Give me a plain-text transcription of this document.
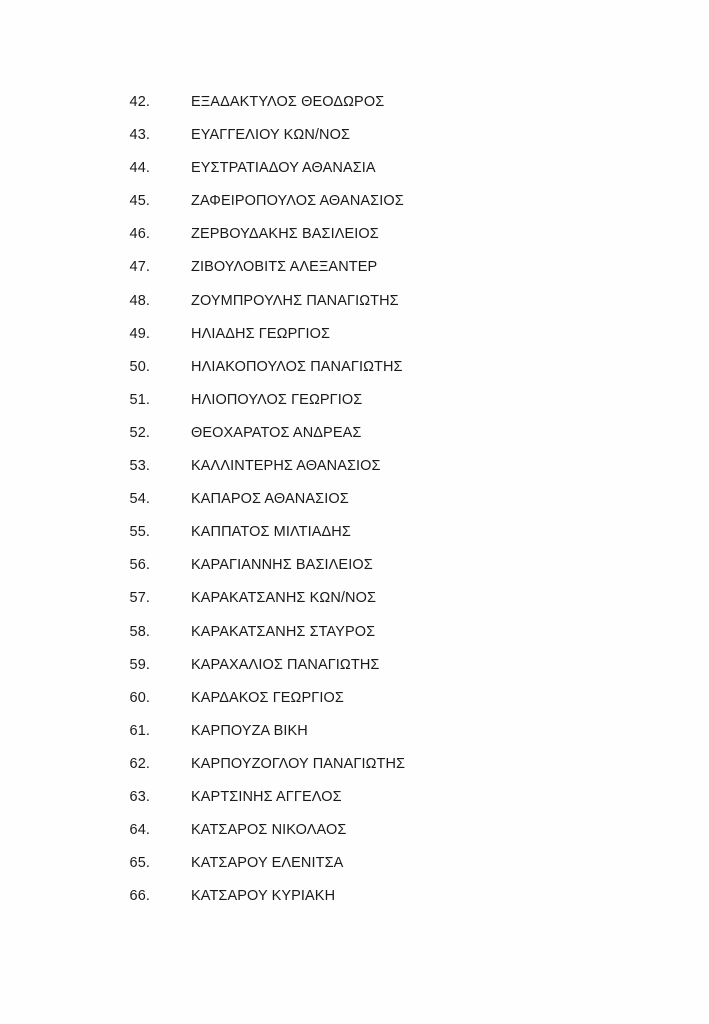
42.	ΕΞΑΔΑΚΤΥΛΟΣ ΘΕΟΔΩΡΟΣ
43.	ΕΥΑΓΓΕΛΙΟΥ ΚΩΝ/ΝΟΣ
44.	ΕΥΣΤΡΑΤΙΑΔΟΥ ΑΘΑΝΑΣΙΑ
45.	ΖΑΦΕΙΡΟΠΟΥΛΟΣ ΑΘΑΝΑΣΙΟΣ
46.	ΖΕΡΒΟΥΔΑΚΗΣ ΒΑΣΙΛΕΙΟΣ
47.	ΖΙΒΟΥΛΟΒΙΤΣ ΑΛΕΞΑΝΤΕΡ
48.	ΖΟΥΜΠΡΟΥΛΗΣ ΠΑΝΑΓΙΩΤΗΣ
49.	ΗΛΙΑΔΗΣ ΓΕΩΡΓΙΟΣ
50.	ΗΛΙΑΚΟΠΟΥΛΟΣ ΠΑΝΑΓΙΩΤΗΣ
51.	ΗΛΙΟΠΟΥΛΟΣ ΓΕΩΡΓΙΟΣ
52.	ΘΕΟΧΑΡΑΤΟΣ ΑΝΔΡΕΑΣ
53.	ΚΑΛΛΙΝΤΕΡΗΣ ΑΘΑΝΑΣΙΟΣ
54.	ΚΑΠΑΡΟΣ ΑΘΑΝΑΣΙΟΣ
55.	ΚΑΠΠΑΤΟΣ ΜΙΛΤΙΑΔΗΣ
56.	ΚΑΡΑΓΙΑΝΝΗΣ ΒΑΣΙΛΕΙΟΣ
57.	ΚΑΡΑΚΑΤΣΑΝΗΣ ΚΩΝ/ΝΟΣ
58.	ΚΑΡΑΚΑΤΣΑΝΗΣ ΣΤΑΥΡΟΣ
59.	ΚΑΡΑΧΑΛΙΟΣ ΠΑΝΑΓΙΩΤΗΣ
60.	ΚΑΡΔΑΚΟΣ ΓΕΩΡΓΙΟΣ
61.	ΚΑΡΠΟΥΖΑ ΒΙΚΗ
62.	ΚΑΡΠΟΥΖΟΓΛΟΥ ΠΑΝΑΓΙΩΤΗΣ
63.	ΚΑΡΤΣΙΝΗΣ ΑΓΓΕΛΟΣ
64.	ΚΑΤΣΑΡΟΣ ΝΙΚΟΛΑΟΣ
65.	ΚΑΤΣΑΡΟΥ ΕΛΕΝΙΤΣΑ
66.	ΚΑΤΣΑΡΟΥ ΚΥΡΙΑΚΗ
